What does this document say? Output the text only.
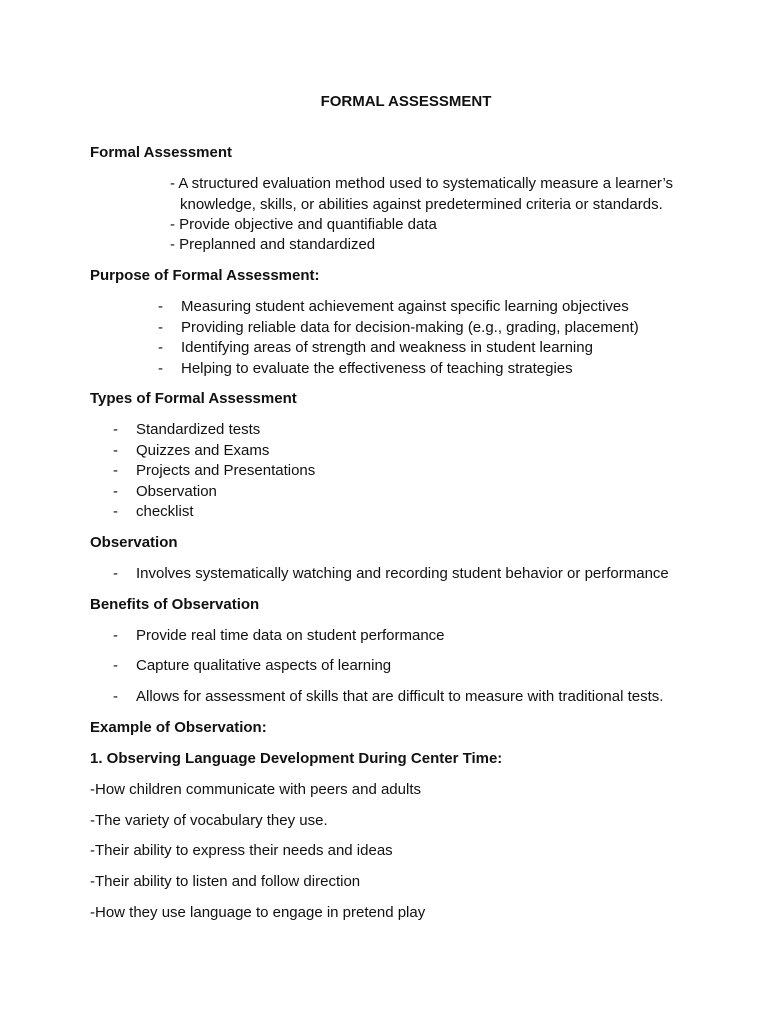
FORMAL ASSESSMENT
Formal Assessment
- A structured evaluation method used to systematically measure a learner’s
knowledge, skills, or abilities against predetermined criteria or standards.
- Provide objective and quantifiable data
- Preplanned and standardized
Purpose of Formal Assessment:
-	Measuring student achievement against specific learning objectives
-	Providing reliable data for decision-making (e.g., grading, placement)
-	Identifying areas of strength and weakness in student learning
-	Helping to evaluate the effectiveness of teaching strategies
Types of Formal Assessment
-	Standardized tests
-	Quizzes and Exams
-	Projects and Presentations
-	Observation
-	checklist
Observation
-	Involves systematically watching and recording student behavior or performance
Benefits of Observation
-	Provide real time data on student performance
-	Capture qualitative aspects of learning
-	Allows for assessment of skills that are difficult to measure with traditional tests.
Example of Observation:
1. Observing Language Development During Center Time:
-How children communicate with peers and adults
-The variety of vocabulary they use.
-Their ability to express their needs and ideas
-Their ability to listen and follow direction
-How they use language to engage in pretend play
